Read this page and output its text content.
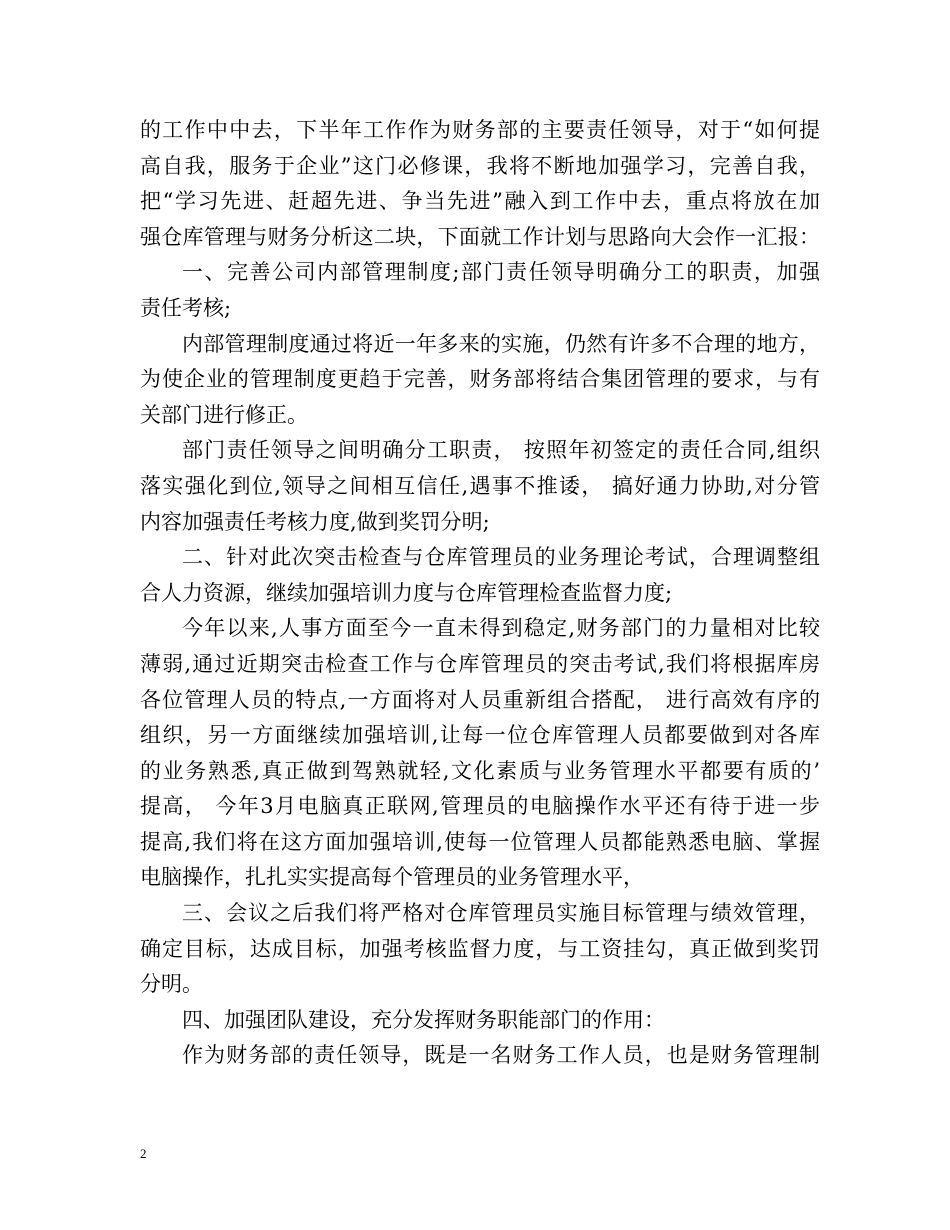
的工作中中去，下半年工作作为财务部的主要责任领导，对于“如何提
高自我，服务于企业”这门必修课，我将不断地加强学习，完善自我，
把“学习先进、赶超先进、争当先进”融入到工作中去，重点将放在加
强仓库管理与财务分析这二块，下面就工作计划与思路向大会作一汇报：
一、完善公司内部管理制度;部门责任领导明确分工的职责，加强
责任考核;
内部管理制度通过将近一年多来的实施，仍然有许多不合理的地方，
为使企业的管理制度更趋于完善，财务部将结合集团管理的要求，与有
关部门进行修正。
部门责任领导之间明确分工职责， 按照年初签定的责任合同,组织
落实强化到位,领导之间相互信任,遇事不推诿， 搞好通力协助,对分管
内容加强责任考核力度,做到奖罚分明;
二、针对此次突击检查与仓库管理员的业务理论考试，合理调整组
合人力资源，继续加强培训力度与仓库管理检查监督力度;
今年以来,人事方面至今一直未得到稳定,财务部门的力量相对比较
薄弱,通过近期突击检查工作与仓库管理员的突击考试,我们将根据库房
各位管理人员的特点,一方面将对人员重新组合搭配， 进行高效有序的
组织，另一方面继续加强培训,让每一位仓库管理人员都要做到对各库
的业务熟悉,真正做到驾熟就轻,文化素质与业务管理水平都要有质的’
提高， 今年3月电脑真正联网,管理员的电脑操作水平还有待于进一步
提高,我们将在这方面加强培训,使每一位管理人员都能熟悉电脑、掌握
电脑操作，扎扎实实提高每个管理员的业务管理水平，
三、会议之后我们将严格对仓库管理员实施目标管理与绩效管理，
确定目标，达成目标，加强考核监督力度，与工资挂勾，真正做到奖罚
分明。
四、加强团队建设，充分发挥财务职能部门的作用：
作为财务部的责任领导，既是一名财务工作人员，也是财务管理制
2
